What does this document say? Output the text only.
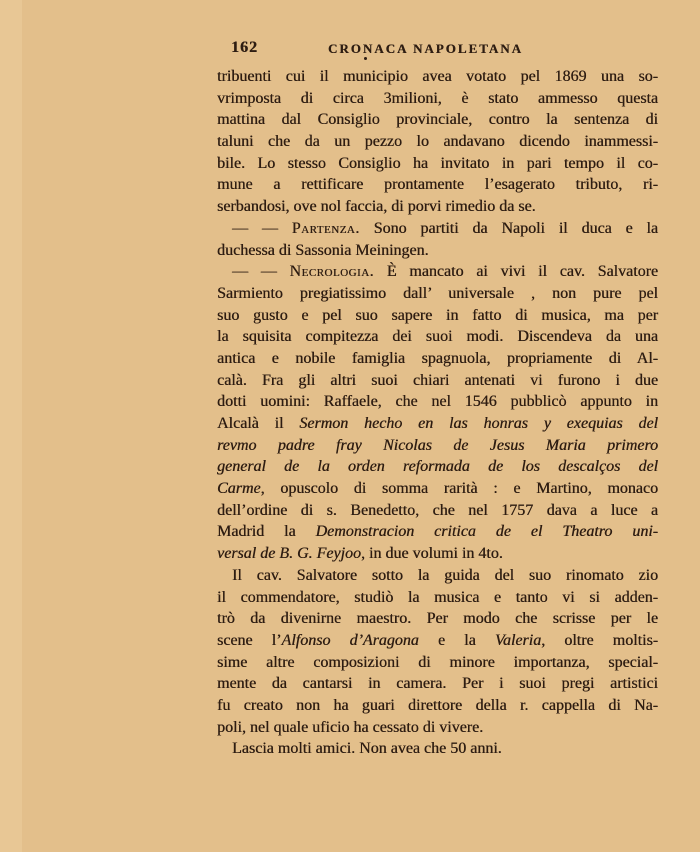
162	CRONACA NAPOLETANA
tribuenti cui il municipio avea votato pel 1869 una so-
vrimposta di circa 3milioni, è stato ammesso questa
mattina dal Consiglio provinciale, contro la sentenza di
taluni che da un pezzo lo andavano dicendo inammessi-
bile. Lo stesso Consiglio ha invitato in pari tempo il co-
mune a rettificare prontamente l’esagerato tributo, ri-
serbandosi, ove nol faccia, di porvi rimedio da se.
— — Partenza. Sono partiti da Napoli il duca e la
duchessa di Sassonia Meiningen.
— — Necrologia. È mancato ai vivi il cav. Salvatore
Sarmiento pregiatissimo dall’ universale , non pure pel
suo gusto e pel suo sapere in fatto di musica, ma per
la squisita compitezza dei suoi modi. Discendeva da una
antica e nobile famiglia spagnuola, propriamente di Al-
calà. Fra gli altri suoi chiari antenati vi furono i due
dotti uomini: Raffaele, che nel 1546 pubblicò appunto in
Alcalà il Sermon hecho en las honras y exequias del
revmo padre fray Nicolas de Jesus Maria primero
general de la orden reformada de los descalços del
Carme, opuscolo di somma rarità : e Martino, monaco
dell’ordine di s. Benedetto, che nel 1757 dava a luce a
Madrid la Demonstracion critica de el Theatro uni-
versal de B. G. Feyjoo, in due volumi in 4to.
Il cav. Salvatore sotto la guida del suo rinomato zio
il commendatore, studiò la musica e tanto vi si adden-
trò da divenirne maestro. Per modo che scrisse per le
scene l’Alfonso d’Aragona e la Valeria, oltre moltis-
sime altre composizioni di minore importanza, special-
mente da cantarsi in camera. Per i suoi pregi artistici
fu creato non ha guari direttore della r. cappella di Na-
poli, nel quale uficio ha cessato di vivere.
Lascia molti amici. Non avea che 50 anni.
